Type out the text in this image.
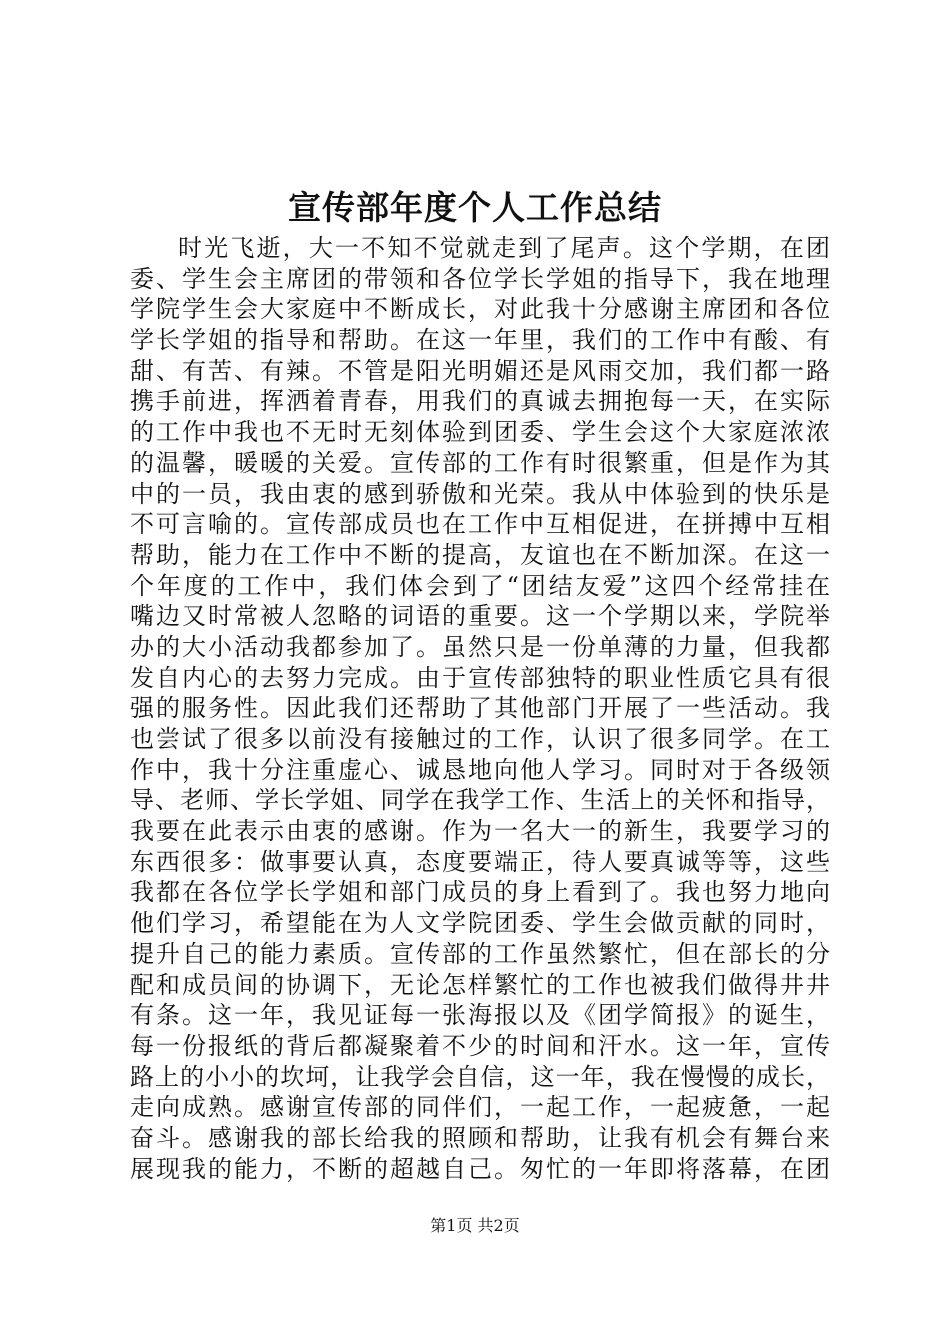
宣传部年度个人工作总结
时光飞逝，大一不知不觉就走到了尾声。这个学期，在团
委、学生会主席团的带领和各位学长学姐的指导下，我在地理
学院学生会大家庭中不断成长，对此我十分感谢主席团和各位
学长学姐的指导和帮助。在这一年里，我们的工作中有酸、有
甜、有苦、有辣。不管是阳光明媚还是风雨交加，我们都一路
携手前进，挥洒着青春，用我们的真诚去拥抱每一天，在实际
的工作中我也不无时无刻体验到团委、学生会这个大家庭浓浓
的温馨，暖暖的关爱。宣传部的工作有时很繁重，但是作为其
中的一员，我由衷的感到骄傲和光荣。我从中体验到的快乐是
不可言喻的。宣传部成员也在工作中互相促进，在拼搏中互相
帮助，能力在工作中不断的提高，友谊也在不断加深。在这一
个年度的工作中，我们体会到了“团结友爱”这四个经常挂在
嘴边又时常被人忽略的词语的重要。这一个学期以来，学院举
办的大小活动我都参加了。虽然只是一份单薄的力量，但我都
发自内心的去努力完成。由于宣传部独特的职业性质它具有很
强的服务性。因此我们还帮助了其他部门开展了一些活动。我
也尝试了很多以前没有接触过的工作，认识了很多同学。在工
作中，我十分注重虚心、诚恳地向他人学习。同时对于各级领
导、老师、学长学姐、同学在我学工作、生活上的关怀和指导，
我要在此表示由衷的感谢。作为一名大一的新生，我要学习的
东西很多：做事要认真，态度要端正，待人要真诚等等，这些
我都在各位学长学姐和部门成员的身上看到了。我也努力地向
他们学习，希望能在为人文学院团委、学生会做贡献的同时，
提升自己的能力素质。宣传部的工作虽然繁忙，但在部长的分
配和成员间的协调下，无论怎样繁忙的工作也被我们做得井井
有条。这一年，我见证每一张海报以及《团学简报》的诞生，
每一份报纸的背后都凝聚着不少的时间和汗水。这一年，宣传
路上的小小的坎坷，让我学会自信，这一年，我在慢慢的成长，
走向成熟。感谢宣传部的同伴们，一起工作，一起疲惫，一起
奋斗。感谢我的部长给我的照顾和帮助，让我有机会有舞台来
展现我的能力，不断的超越自己。匆忙的一年即将落幕，在团
第1页 共2页
